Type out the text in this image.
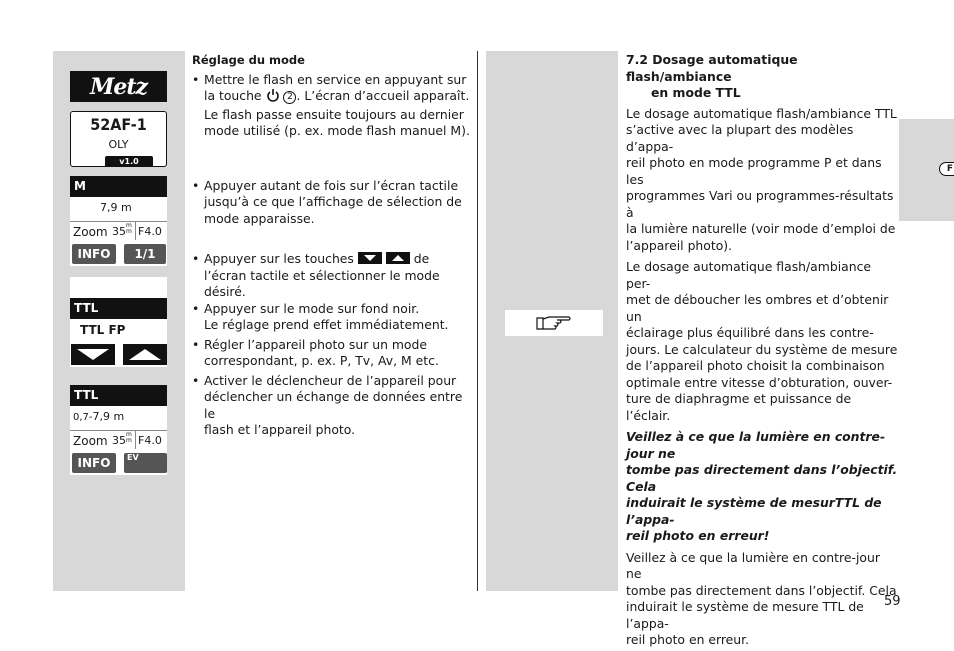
F
Metz
52AF-1
OLY
v1.0
M
7,9 m
Zoom 35 m
m F4.0
INFO	1/1
TTL
TTL FP
TTL
0,7-7,9 m
Zoom 35 m
m F4.0
INFO	EV
Réglage du mode
• Mettre le flash en service en appuyant sur
la touche	2 . L’écran d’accueil apparaît.
Le flash passe ensuite toujours au dernier
mode utilisé (p. ex. mode flash manuel M).
• Appuyer autant de fois sur l’écran tactile
jusqu’à ce que l’affichage de sélection de
mode apparaisse.
• Appuyer sur les touches
	de
l’écran tactile et sélectionner le mode
désiré.
• Appuyer sur le mode sur fond noir.
Le réglage prend effet immédiatement.
• Régler l’appareil photo sur un mode
correspondant, p. ex. P, Tv, Av, M etc.
• Activer le déclencheur de l’appareil pour
déclencher un échange de données entre le
flash et l’appareil photo.
7.2 Dosage automatique flash/ambiance
en mode TTL
Le dosage automatique flash/ambiance TTL
s’active avec la plupart des modèles d’appa-
reil photo en mode programme P et dans les
programmes Vari ou programmes-résultats à
la lumière naturelle (voir mode d’emploi de
l’appareil photo).
Le dosage automatique flash/ambiance per-
met de déboucher les ombres et d’obtenir un
éclairage plus équilibré dans les contre-
jours. Le calculateur du système de mesure
de l’appareil photo choisit la combinaison
optimale entre vitesse d’obturation, ouver-
ture de diaphragme et puissance de l’éclair.
Veillez à ce que la lumière en contre-jour ne
tombe pas directement dans l’objectif. Cela
induirait le système de mesurTTL de l’appa-
reil photo en erreur!
Veillez à ce que la lumière en contre-jour ne
tombe pas directement dans l’objectif. Cela
induirait le système de mesure TTL de l’appa-
reil photo en erreur.
59
